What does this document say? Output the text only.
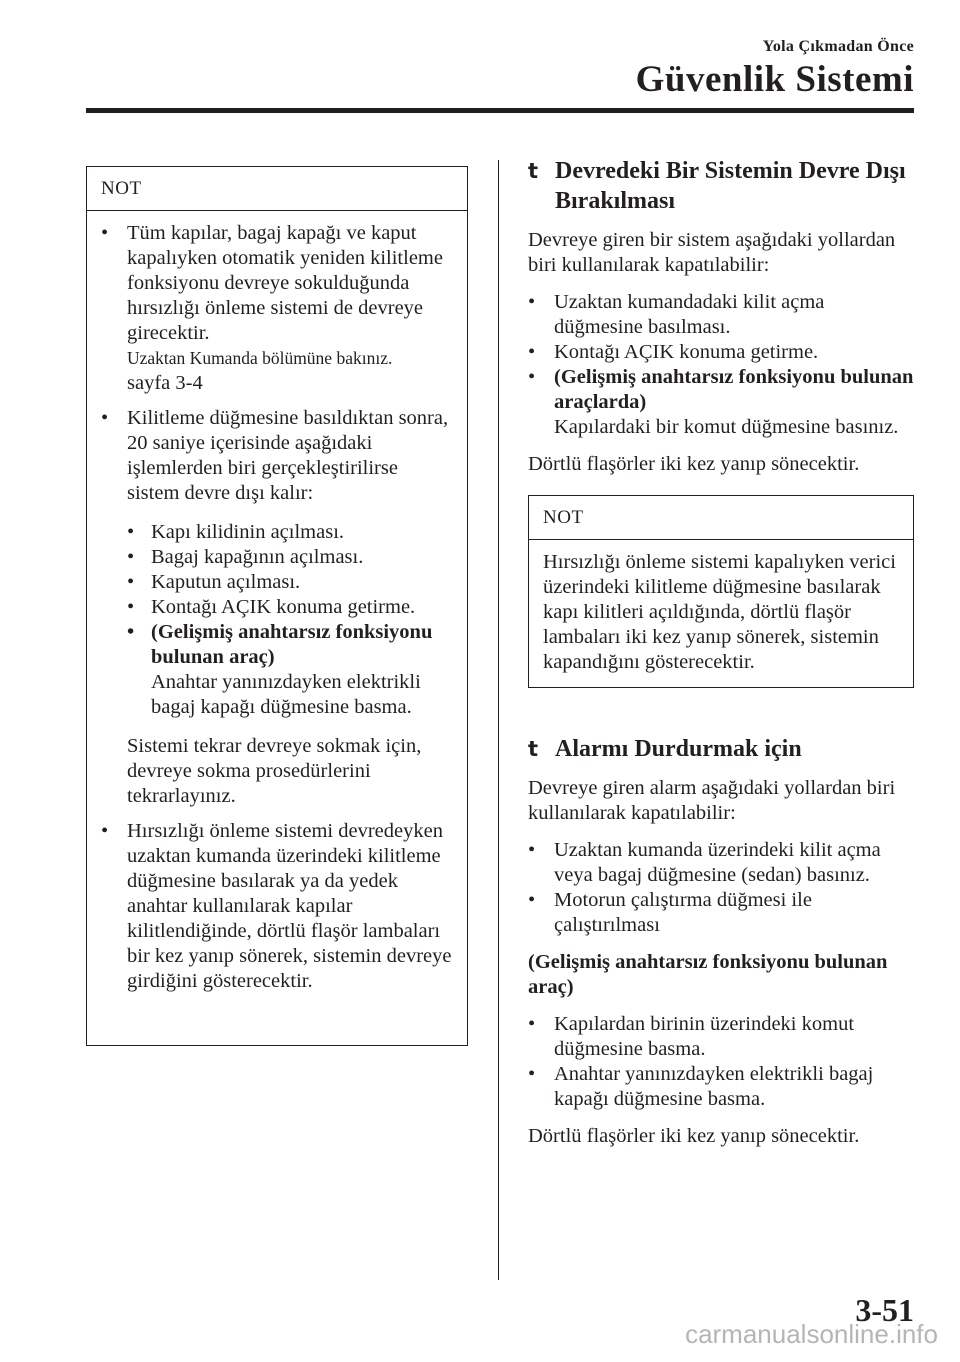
Yola Çıkmadan Önce
Güvenlik Sistemi
NOT
• Tüm kapılar, bagaj kapağı ve kaput kapalıyken otomatik yeniden kilitleme fonksiyonu devreye sokulduğunda hırsızlığı önleme sistemi de devreye girecektir.
Uzaktan Kumanda bölümüne bakınız.
sayfa 3-4
• Kilitleme düğmesine basıldıktan sonra, 20 saniye içerisinde aşağıdaki işlemlerden biri gerçekleştirilirse sistem devre dışı kalır:
• Kapı kilidinin açılması.
• Bagaj kapağının açılması.
• Kaputun açılması.
• Kontağı AÇIK konuma getirme.
• (Gelişmiş anahtarsız fonksiyonu bulunan araç)
Anahtar yanınızdayken elektrikli bagaj kapağı düğmesine basma.
Sistemi tekrar devreye sokmak için, devreye sokma prosedürlerini tekrarlayınız.
• Hırsızlığı önleme sistemi devredeyken uzaktan kumanda üzerindeki kilitleme düğmesine basılarak ya da yedek anahtar kullanılarak kapılar kilitlendiğinde, dörtlü flaşör lambaları bir kez yanıp sönerek, sistemin devreye girdiğini gösterecektir.
t Devredeki Bir Sistemin Devre Dışı Bırakılması
Devreye giren bir sistem aşağıdaki yollardan biri kullanılarak kapatılabilir:
• Uzaktan kumandadaki kilit açma düğmesine basılması.
• Kontağı AÇIK konuma getirme.
• (Gelişmiş anahtarsız fonksiyonu bulunan araçlarda)
Kapılardaki bir komut düğmesine basınız.
Dörtlü flaşörler iki kez yanıp sönecektir.
NOT
Hırsızlığı önleme sistemi kapalıyken verici üzerindeki kilitleme düğmesine basılarak kapı kilitleri açıldığında, dörtlü flaşör lambaları iki kez yanıp sönerek, sistemin kapandığını gösterecektir.
t Alarmı Durdurmak için
Devreye giren alarm aşağıdaki yollardan biri kullanılarak kapatılabilir:
• Uzaktan kumanda üzerindeki kilit açma veya bagaj düğmesine (sedan) basınız.
• Motorun çalıştırma düğmesi ile çalıştırılması
(Gelişmiş anahtarsız fonksiyonu bulunan araç)
• Kapılardan birinin üzerindeki komut düğmesine basma.
• Anahtar yanınızdayken elektrikli bagaj kapağı düğmesine basma.
Dörtlü flaşörler iki kez yanıp sönecektir.
3-51
carmanualsonline.info
